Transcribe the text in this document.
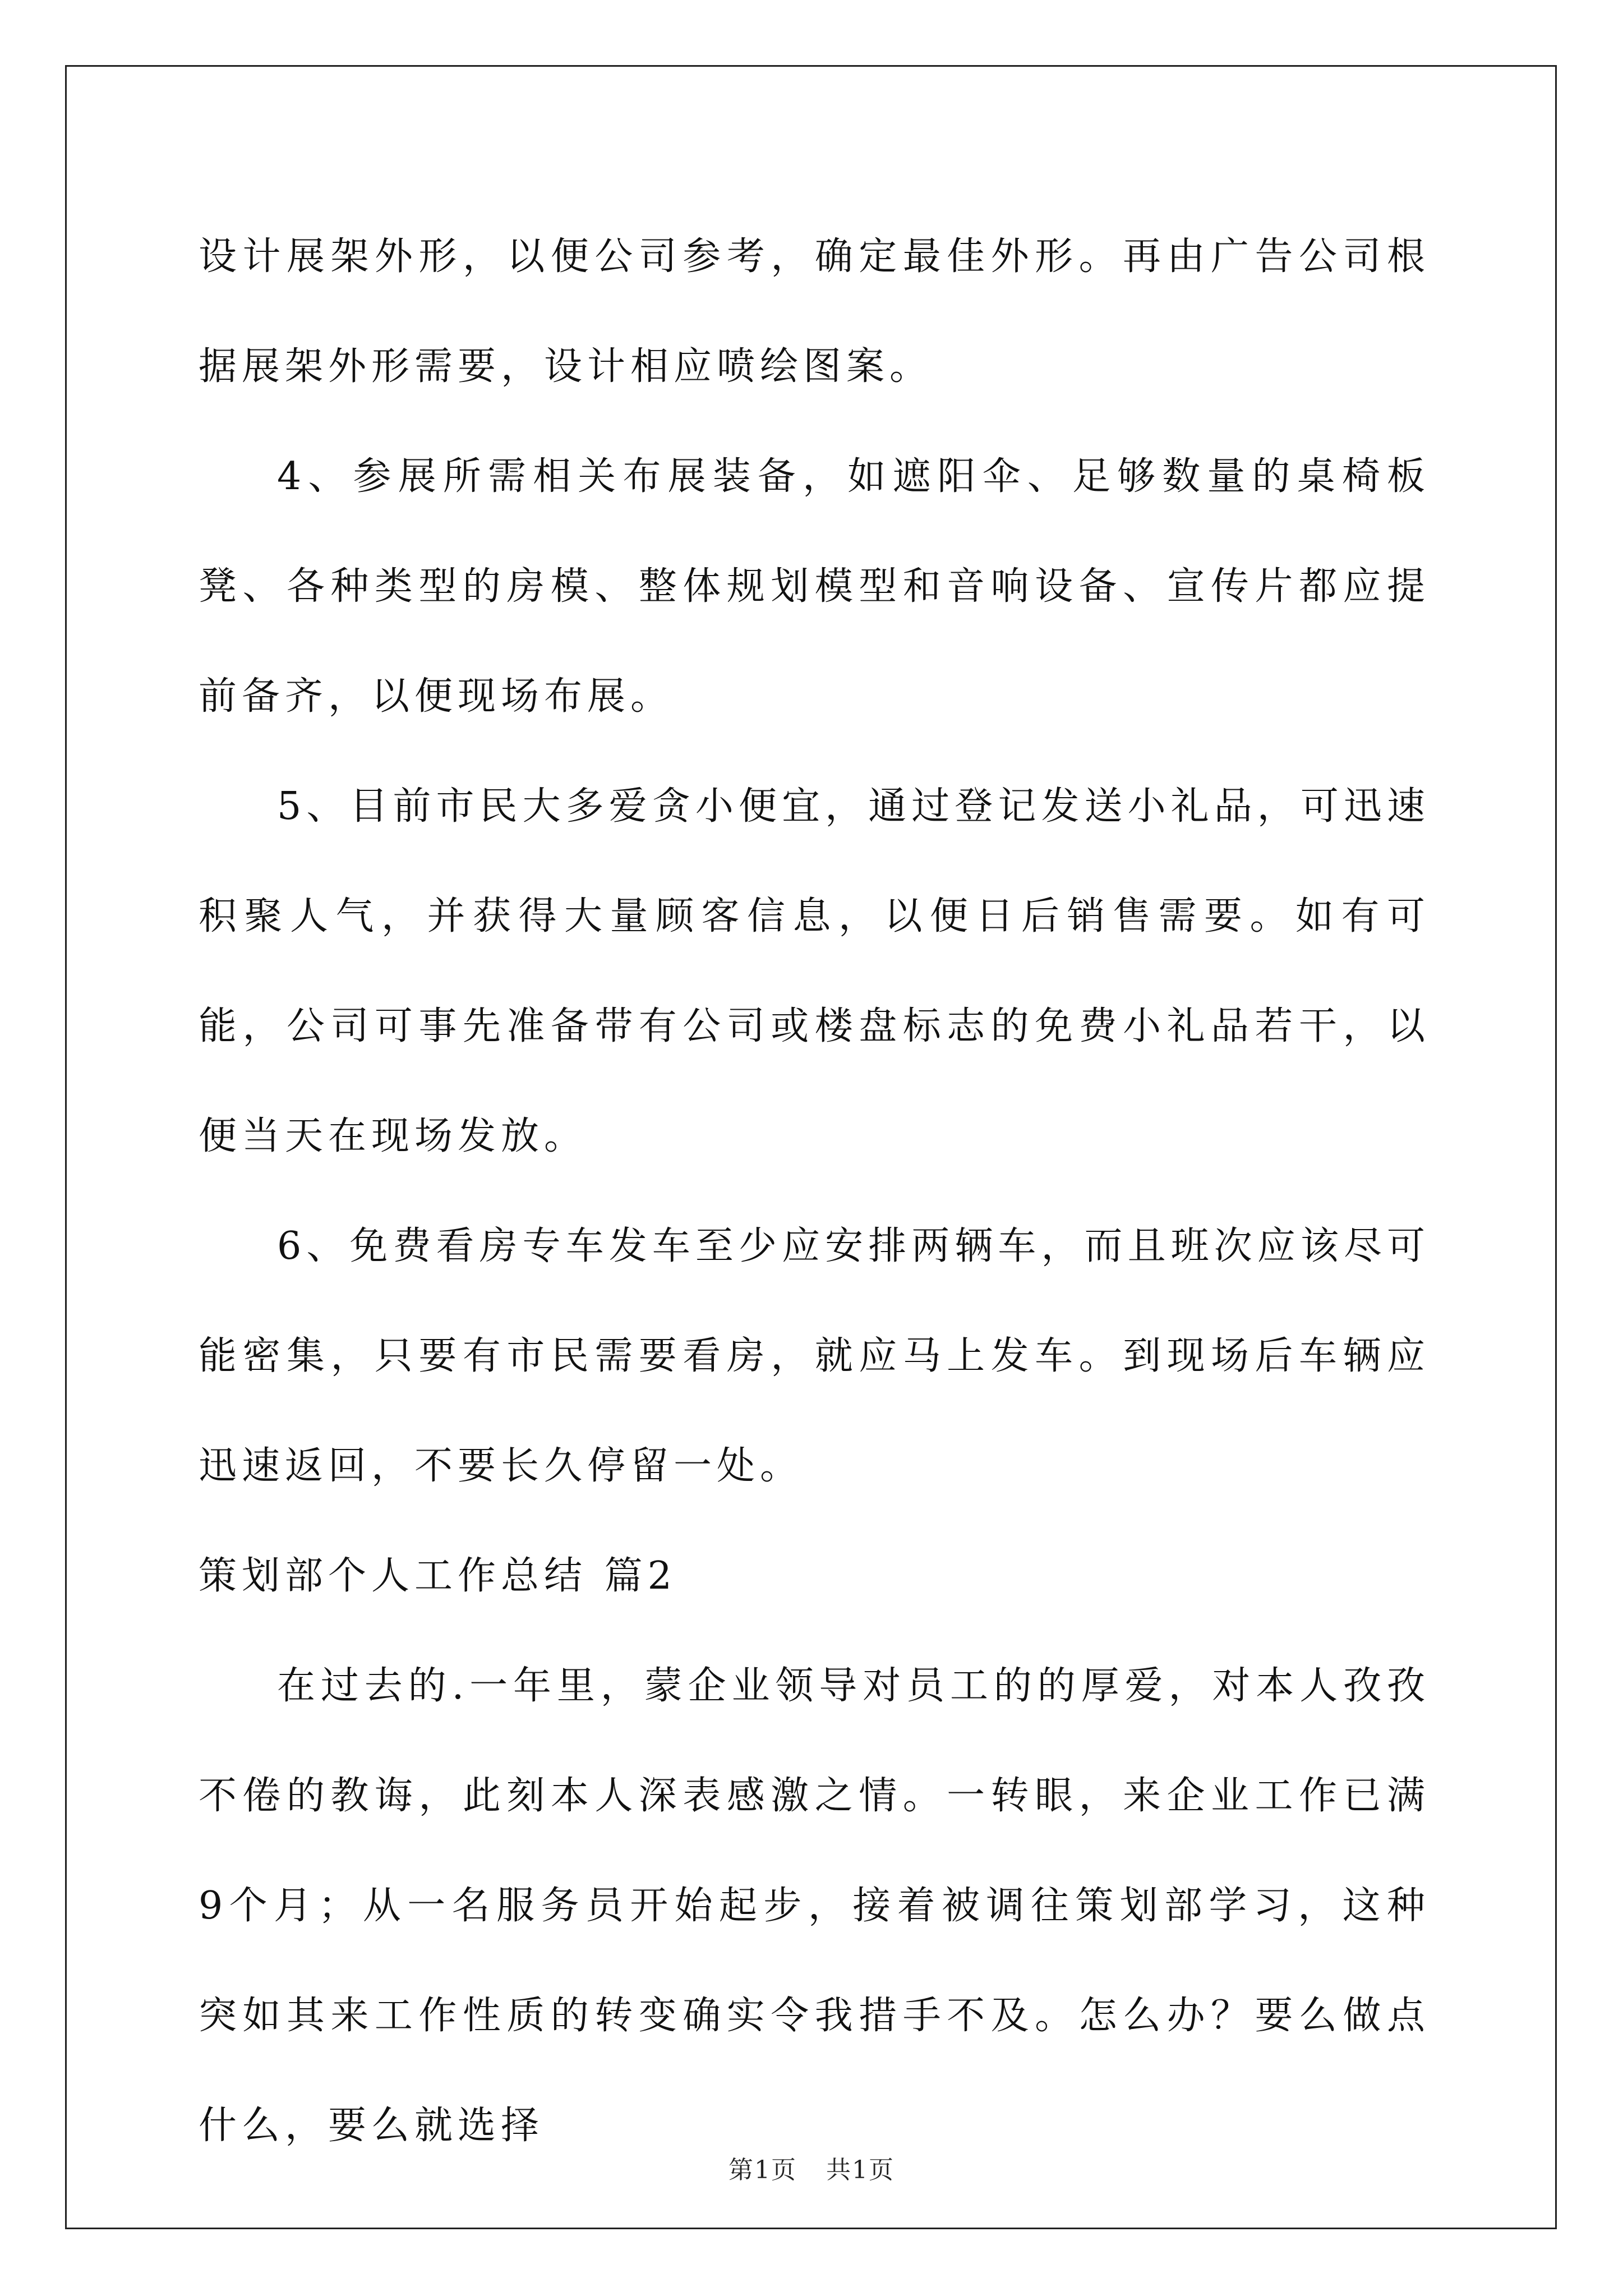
设计展架外形，以便公司参考，确定最佳外形。再由广告公司根据展架外形需要，设计相应喷绘图案。

4、参展所需相关布展装备，如遮阳伞、足够数量的桌椅板凳、各种类型的房模、整体规划模型和音响设备、宣传片都应提前备齐，以便现场布展。

5、目前市民大多爱贪小便宜，通过登记发送小礼品，可迅速积聚人气，并获得大量顾客信息，以便日后销售需要。如有可能，公司可事先准备带有公司或楼盘标志的免费小礼品若干，以便当天在现场发放。

6、免费看房专车发车至少应安排两辆车，而且班次应该尽可能密集，只要有市民需要看房，就应马上发车。到现场后车辆应迅速返回，不要长久停留一处。

策划部个人工作总结 篇2

在过去的.一年里，蒙企业领导对员工的的厚爱，对本人孜孜不倦的教诲，此刻本人深表感激之情。一转眼，来企业工作已满9个月；从一名服务员开始起步，接着被调往策划部学习，这种突如其来工作性质的转变确实令我措手不及。怎么办？要么做点什么，要么就选择

第1页 共1页
